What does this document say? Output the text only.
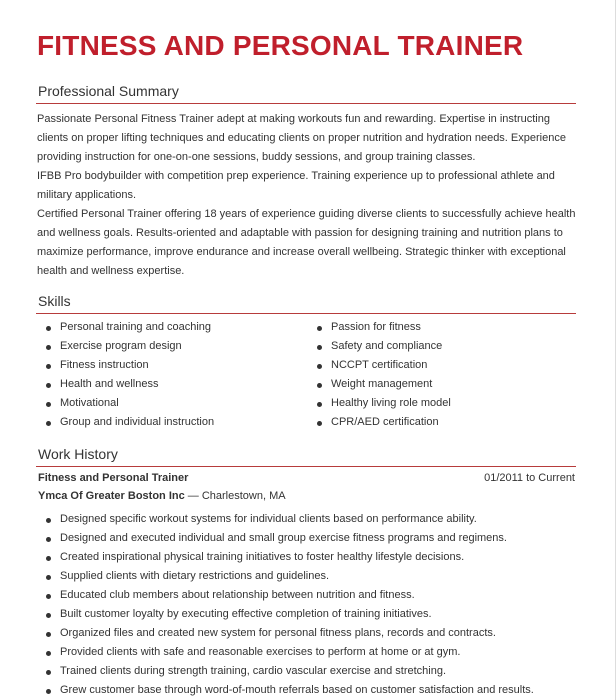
FITNESS AND PERSONAL TRAINER
Professional Summary

Passionate Personal Fitness Trainer adept at making workouts fun and rewarding. Expertise in instructing clients on proper lifting techniques and educating clients on proper nutrition and hydration needs. Experience providing instruction for one-on-one sessions, buddy sessions, and group training classes.

IFBB Pro bodybuilder with competition prep experience. Training experience up to professional athlete and military applications.

Certified Personal Trainer offering 18 years of experience guiding diverse clients to successfully achieve health and wellness goals. Results-oriented and adaptable with passion for designing training and nutrition plans to maximize performance, improve endurance and increase overall wellbeing. Strategic thinker with exceptional health and wellness expertise.

Skills
Personal training and coaching
Exercise program design
Fitness instruction
Health and wellness
Motivational
Group and individual instruction
Passion for fitness
Safety and compliance
NCCPT certification
Weight management
Healthy living role model
CPR/AED certification
Work History
Fitness and Personal Trainer	01/2011 to Current
Ymca Of Greater Boston Inc — Charlestown, MA
Designed specific workout systems for individual clients based on performance ability.
Designed and executed individual and small group exercise fitness programs and regimens.
Created inspirational physical training initiatives to foster healthy lifestyle decisions.
Supplied clients with dietary restrictions and guidelines.
Educated club members about relationship between nutrition and fitness.
Built customer loyalty by executing effective completion of training initiatives.
Organized files and created new system for personal fitness plans, records and contracts.
Provided clients with safe and reasonable exercises to perform at home or at gym.
Trained clients during strength training, cardio vascular exercise and stretching.
Grew customer base through word-of-mouth referrals based on customer satisfaction and results.
